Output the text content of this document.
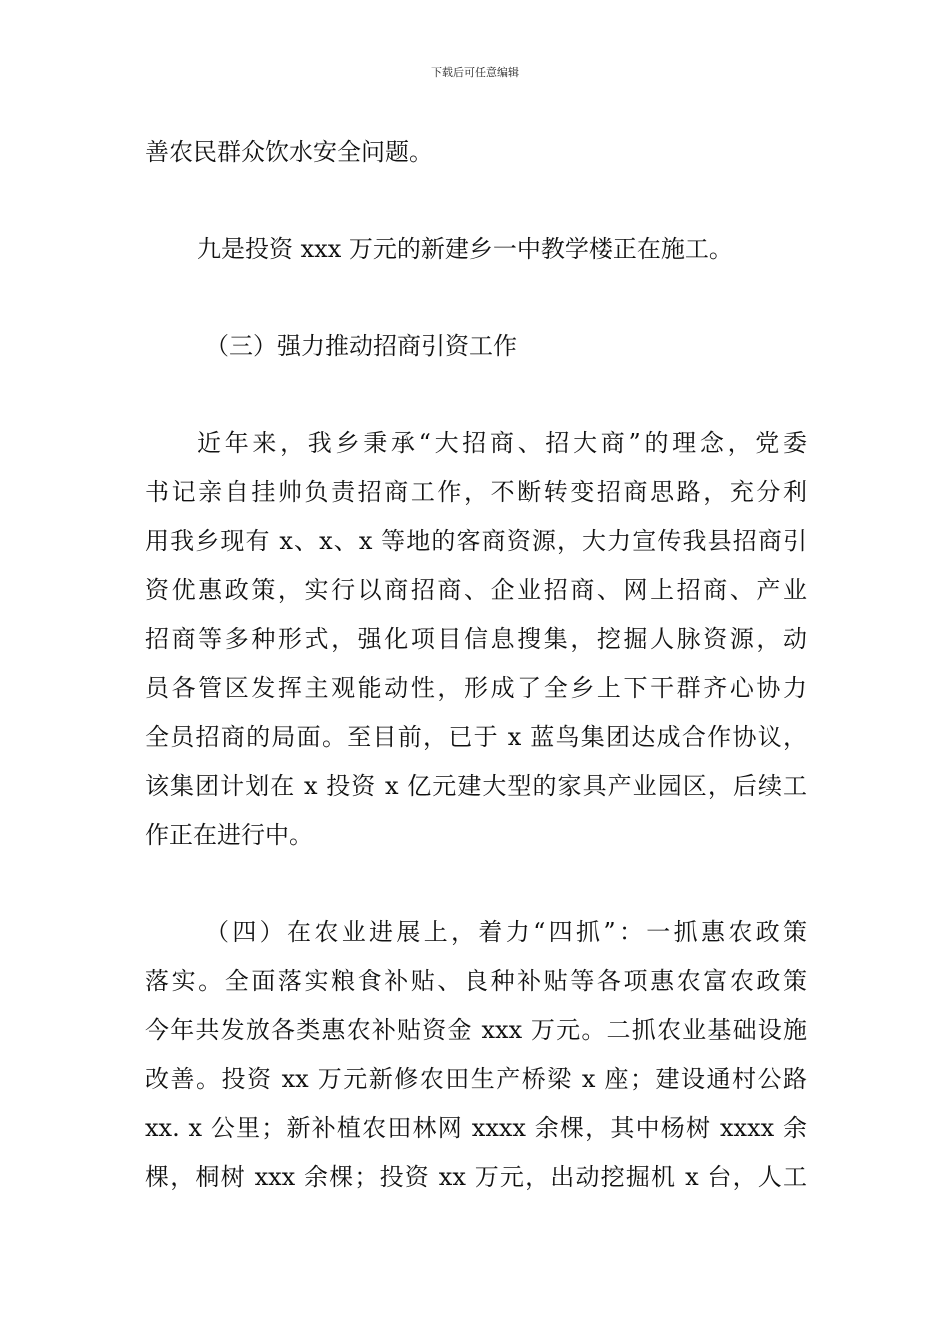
下载后可任意编辑
善农民群众饮水安全问题。
九是投资 xxx 万元的新建乡一中教学楼正在施工。
（三）强力推动招商引资工作
近年来，我乡秉承“大招商、招大商”的理念，党委
书记亲自挂帅负责招商工作，不断转变招商思路，充分利
用我乡现有 x、x、x 等地的客商资源，大力宣传我县招商引
资优惠政策，实行以商招商、企业招商、网上招商、产业
招商等多种形式，强化项目信息搜集，挖掘人脉资源，动
员各管区发挥主观能动性，形成了全乡上下干群齐心协力
全员招商的局面。至目前，已于 x 蓝鸟集团达成合作协议，
该集团计划在 x 投资 x 亿元建大型的家具产业园区，后续工
作正在进行中。
（四）在农业进展上，着力“四抓”：一抓惠农政策
落实。全面落实粮食补贴、良种补贴等各项惠农富农政策
今年共发放各类惠农补贴资金 xxx 万元。二抓农业基础设施
改善。投资 xx 万元新修农田生产桥梁 x 座；建设通村公路
xx. x 公里；新补植农田林网 xxxx 余棵，其中杨树 xxxx 余
棵，桐树 xxx 余棵；投资 xx 万元，出动挖掘机 x 台，人工
